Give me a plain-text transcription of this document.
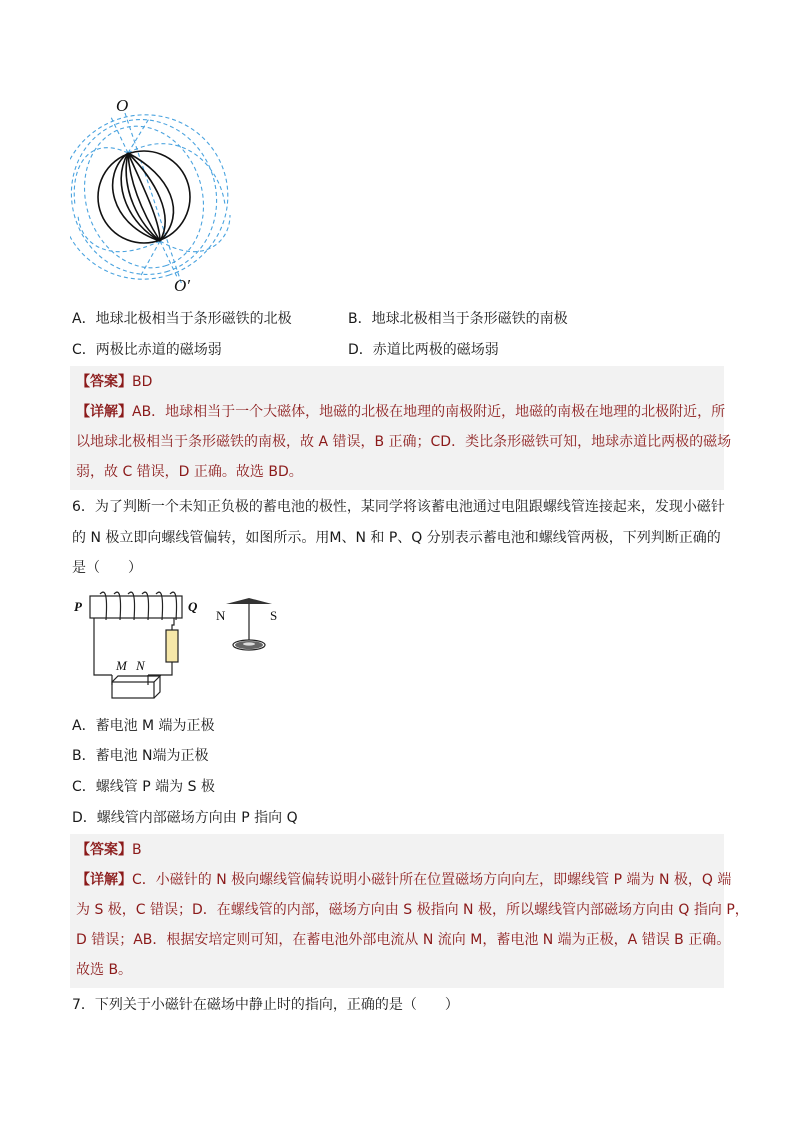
O
O′
A．地球北极相当于条形磁铁的北极	B．地球北极相当于条形磁铁的南极
C．两极比赤道的磁场弱	D．赤道比两极的磁场弱
【答案】BD
【详解】AB．地球相当于一个大磁体，地磁的北极在地理的南极附近，地磁的南极在地理的北极附近，所
以地球北极相当于条形磁铁的南极，故 A 错误，B 正确；CD．类比条形磁铁可知，地球赤道比两极的磁场
弱，故 C 错误，D 正确。故选 BD。
6．为了判断一个未知正负极的蓄电池的极性，某同学将该蓄电池通过电阻跟螺线管连接起来，发现小磁针
的 N 极立即向螺线管偏转，如图所示。用M、N 和 P、Q 分别表示蓄电池和螺线管两极，下列判断正确的
是（　　）
P	Q
M N
N	S
A．蓄电池 M 端为正极
B．蓄电池 N端为正极
C．螺线管 P 端为 S 极
D．螺线管内部磁场方向由 P 指向 Q
【答案】B
【详解】C．小磁针的 N 极向螺线管偏转说明小磁针所在位置磁场方向向左，即螺线管 P 端为 N 极，Q 端
为 S 极，C 错误；D．在螺线管的内部，磁场方向由 S 极指向 N 极，所以螺线管内部磁场方向由 Q 指向 P，
D 错误；AB．根据安培定则可知，在蓄电池外部电流从 N 流向 M，蓄电池 N 端为正极，A 错误 B 正确。
故选 B。
7．下列关于小磁针在磁场中静止时的指向，正确的是（　　）
